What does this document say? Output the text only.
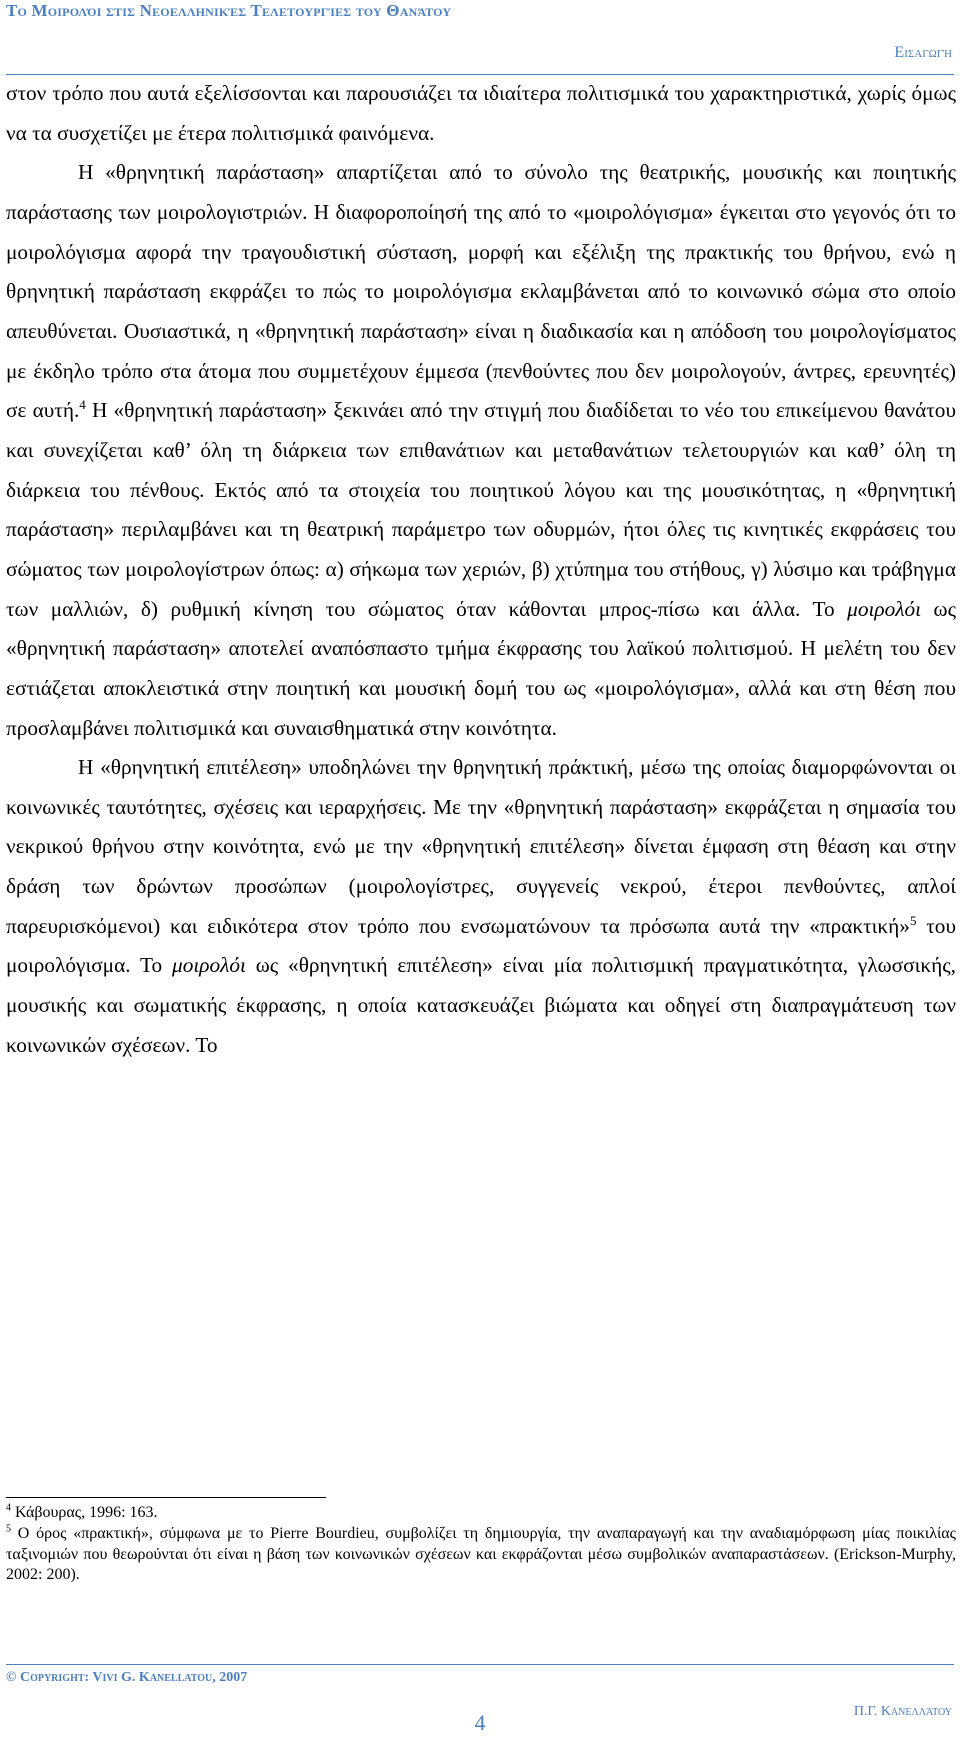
Το Μοιρολόι στις Νεοελληνικές Τελετουργίες του Θανάτου
Εισαγωγή

στον τρόπο που αυτά εξελίσσονται και παρουσιάζει τα ιδιαίτερα πολιτισμικά του χαρακτηριστικά, χωρίς όμως να τα συσχετίζει με έτερα πολιτισμικά φαινόμενα.

Η «θρηνητική παράσταση» απαρτίζεται από το σύνολο της θεατρικής, μουσικής και ποιητικής παράστασης των μοιρολογιστριών. Η διαφοροποίησή της από το «μοιρολόγισμα» έγκειται στο γεγονός ότι το μοιρολόγισμα αφορά την τραγουδιστική σύσταση, μορφή και εξέλιξη της πρακτικής του θρήνου, ενώ η θρηνητική παράσταση εκφράζει το πώς το μοιρολόγισμα εκλαμβάνεται από το κοινωνικό σώμα στο οποίο απευθύνεται. Ουσιαστικά, η «θρηνητική παράσταση» είναι η διαδικασία και η απόδοση του μοιρολογίσματος με έκδηλο τρόπο στα άτομα που συμμετέχουν έμμεσα (πενθούντες που δεν μοιρολογούν, άντρες, ερευνητές) σε αυτή.$^4$ Η «θρηνητική παράσταση» ξεκινάει από την στιγμή που διαδίδεται το νέο του επικείμενου θανάτου και συνεχίζεται καθ’ όλη τη διάρκεια των επιθανάτιων και μεταθανάτιων τελετουργιών και καθ’ όλη τη διάρκεια του πένθους. Εκτός από τα στοιχεία του ποιητικού λόγου και της μουσικότητας, η «θρηνητική παράσταση» περιλαμβάνει και τη θεατρική παράμετρο των οδυρμών, ήτοι όλες τις κινητικές εκφράσεις του σώματος των μοιρολογίστρων όπως: α) σήκωμα των χεριών, β) χτύπημα του στήθους, γ) λύσιμο και τράβηγμα των μαλλιών, δ) ρυθμική κίνηση του σώματος όταν κάθονται μπρος-πίσω και άλλα. Το μοιρολόι ως «θρηνητική παράσταση» αποτελεί αναπόσπαστο τμήμα έκφρασης του λαϊκού πολιτισμού. Η μελέτη του δεν εστιάζεται αποκλειστικά στην ποιητική και μουσική δομή του ως «μοιρολόγισμα», αλλά και στη θέση που προσλαμβάνει πολιτισμικά και συναισθηματικά στην κοινότητα.

Η «θρηνητική επιτέλεση» υποδηλώνει την θρηνητική πράκτική, μέσω της οποίας διαμορφώνονται οι κοινωνικές ταυτότητες, σχέσεις και ιεραρχήσεις. Με την «θρηνητική παράσταση» εκφράζεται η σημασία του νεκρικού θρήνου στην κοινότητα, ενώ με την «θρηνητική επιτέλεση» δίνεται έμφαση στη θέαση και στην δράση των δρώντων προσώπων (μοιρολογίστρες, συγγενείς νεκρού, έτεροι πενθούντες, απλοί παρευρισκόμενοι) και ειδικότερα στον τρόπο που ενσωματώνουν τα πρόσωπα αυτά την «πρακτική»$^5$ του μοιρολόγισμα. Το μοιρολόι ως «θρηνητική επιτέλεση» είναι μία πολιτισμική πραγματικότητα, γλωσσικής, μουσικής και σωματικής έκφρασης, η οποία κατασκευάζει βιώματα και οδηγεί στη διαπραγμάτευση των κοινωνικών σχέσεων. Το

$^4$ Κάβουρας, 1996: 163.

$^5$ Ο όρος «πρακτική», σύμφωνα με το Pierre Bourdieu, συμβολίζει τη δημιουργία, την αναπαραγωγή και την αναδιαμόρφωση μίας ποικιλίας ταξινομιών που θεωρούνται ότι είναι η βάση των κοινωνικών σχέσεων και εκφράζονται μέσω συμβολικών αναπαραστάσεων. (Erickson-Murphy, 2002: 200).

© Copyright: Vivi G. Kanellatou, 2007
4	Π.Γ. Κανελλάτου
